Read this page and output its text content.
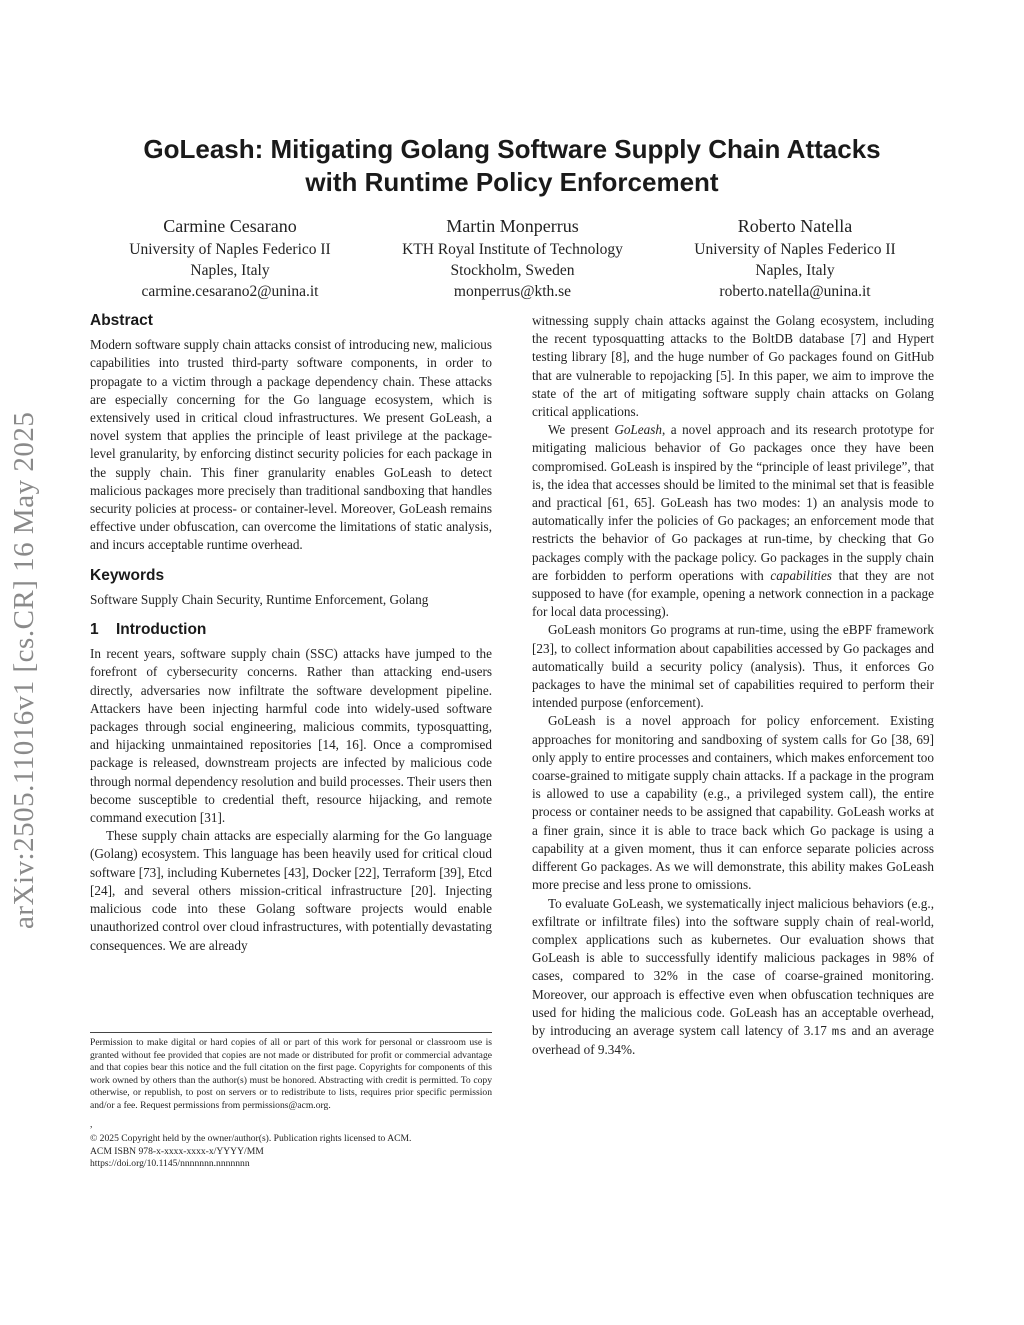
arXiv:2505.11016v1 [cs.CR] 16 May 2025
GoLeash: Mitigating Golang Software Supply Chain Attacks
with Runtime Policy Enforcement
Carmine Cesarano
University of Naples Federico II
Naples, Italy
carmine.cesarano2@unina.it
Martin Monperrus
KTH Royal Institute of Technology
Stockholm, Sweden
monperrus@kth.se
Roberto Natella
University of Naples Federico II
Naples, Italy
roberto.natella@unina.it
Abstract

Modern software supply chain attacks consist of introducing new, malicious capabilities into trusted third-party software components, in order to propagate to a victim through a package dependency chain. These attacks are especially concerning for the Go language ecosystem, which is extensively used in critical cloud infrastructures. We present GoLeash, a novel system that applies the principle of least privilege at the package-level granularity, by enforcing distinct security policies for each package in the supply chain. This finer granularity enables GoLeash to detect malicious packages more precisely than traditional sandboxing that handles security policies at process- or container-level. Moreover, GoLeash remains effective under obfuscation, can overcome the limitations of static analysis, and incurs acceptable runtime overhead.

Keywords

Software Supply Chain Security, Runtime Enforcement, Golang

1 Introduction

In recent years, software supply chain (SSC) attacks have jumped to the forefront of cybersecurity concerns. Rather than attacking end-users directly, adversaries now infiltrate the software development pipeline. Attackers have been injecting harmful code into widely-used software packages through social engineering, malicious commits, typosquatting, and hijacking unmaintained repositories [14, 16]. Once a compromised package is released, downstream projects are infected by malicious code through normal dependency resolution and build processes. Their users then become susceptible to credential theft, resource hijacking, and remote command execution [31].

These supply chain attacks are especially alarming for the Go language (Golang) ecosystem. This language has been heavily used for critical cloud software [73], including Kubernetes [43], Docker [22], Terraform [39], Etcd [24], and several others mission-critical infrastructure [20]. Injecting malicious code into these Golang software projects would enable unauthorized control over cloud infrastructures, with potentially devastating consequences. We are already

witnessing supply chain attacks against the Golang ecosystem, including the recent typosquatting attacks to the BoltDB database [7] and Hypert testing library [8], and the huge number of Go packages found on GitHub that are vulnerable to repojacking [5]. In this paper, we aim to improve the state of the art of mitigating software supply chain attacks on Golang critical applications.

We present GoLeash, a novel approach and its research prototype for mitigating malicious behavior of Go packages once they have been compromised. GoLeash is inspired by the “principle of least privilege”, that is, the idea that accesses should be limited to the minimal set that is feasible and practical [61, 65]. GoLeash has two modes: 1) an analysis mode to automatically infer the policies of Go packages; an enforcement mode that restricts the behavior of Go packages at run-time, by checking that Go packages comply with the package policy. Go packages in the supply chain are forbidden to perform operations with capabilities that they are not supposed to have (for example, opening a network connection in a package for local data processing).

GoLeash monitors Go programs at run-time, using the eBPF framework [23], to collect information about capabilities accessed by Go packages and automatically build a security policy (analysis). Thus, it enforces Go packages to have the minimal set of capabilities required to perform their intended purpose (enforcement).

GoLeash is a novel approach for policy enforcement. Existing approaches for monitoring and sandboxing of system calls for Go [38, 69] only apply to entire processes and containers, which makes enforcement too coarse-grained to mitigate supply chain attacks. If a package in the program is allowed to use a capability (e.g., a privileged system call), the entire process or container needs to be assigned that capability. GoLeash works at a finer grain, since it is able to trace back which Go package is using a capability at a given moment, thus it can enforce separate policies across different Go packages. As we will demonstrate, this ability makes GoLeash more precise and less prone to omissions.

To evaluate GoLeash, we systematically inject malicious behaviors (e.g., exfiltrate or infiltrate files) into the software supply chain of real-world, complex applications such as kubernetes. Our evaluation shows that GoLeash is able to successfully identify malicious packages in 98% of cases, compared to 32% in the case of coarse-grained monitoring. Moreover, our approach is effective even when obfuscation techniques are used for hiding the malicious code. GoLeash has an acceptable overhead, by introducing an average system call latency of 3.17 ms and an average overhead of 9.34%.

Permission to make digital or hard copies of all or part of this work for personal or classroom use is granted without fee provided that copies are not made or distributed for profit or commercial advantage and that copies bear this notice and the full citation on the first page. Copyrights for components of this work owned by others than the author(s) must be honored. Abstracting with credit is permitted. To copy otherwise, or republish, to post on servers or to redistribute to lists, requires prior specific permission and/or a fee. Request permissions from permissions@acm.org.

,

© 2025 Copyright held by the owner/author(s). Publication rights licensed to ACM.

ACM ISBN 978-x-xxxx-xxxx-x/YYYY/MM

https://doi.org/10.1145/nnnnnnn.nnnnnnn
